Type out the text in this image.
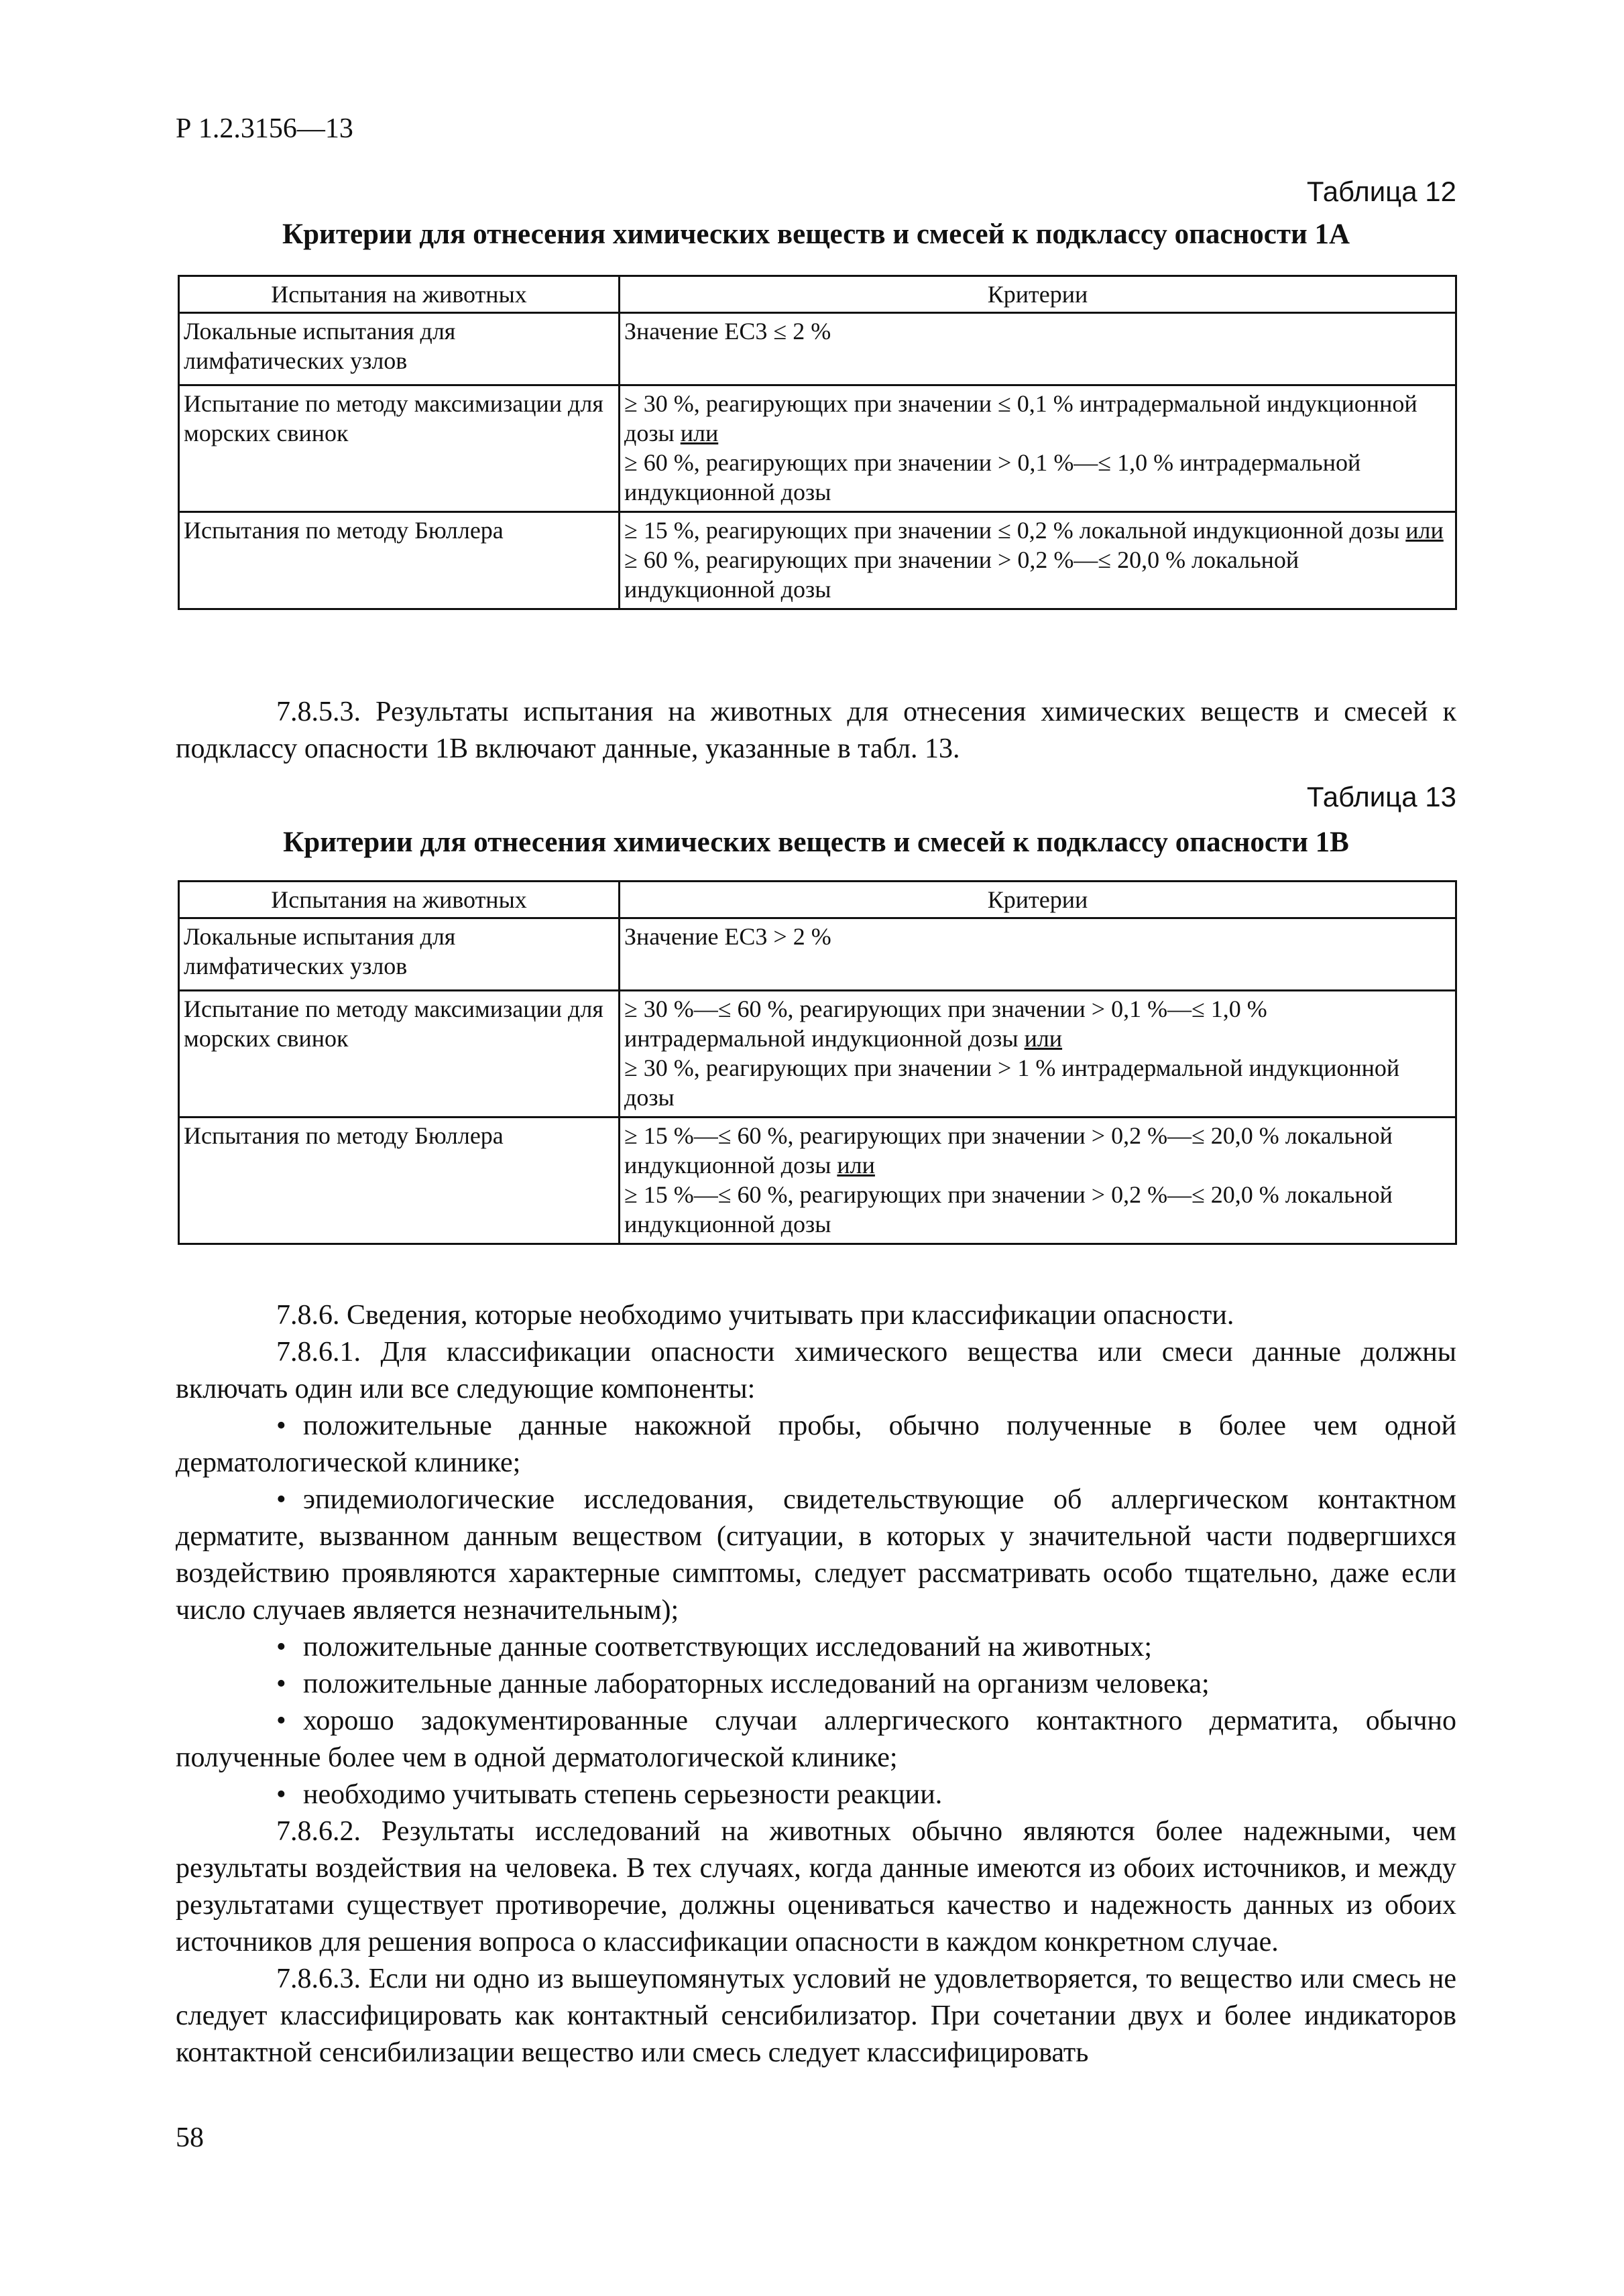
Р 1.2.3156—13
Таблица 12
Критерии для отнесения химических веществ и смесей к подклассу опасности 1А
Испытания на животных	Критерии
Локальные испытания для лимфатических узлов	Значение ЕС3 ≤ 2 %

Испытание по методу максимизации для морских свинок	≥ 30 %, реагирующих при значении ≤ 0,1 % интрадермальной индукционной дозы или
≥ 60 %, реагирующих при значении > 0,1 %—≤ 1,0 % интрадермальной индукционной дозы

Испытания по методу Бюллера	≥ 15 %, реагирующих при значении ≤ 0,2 % локальной индукционной дозы или
≥ 60 %, реагирующих при значении > 0,2 %—≤ 20,0 % локальной индукционной дозы

7.8.5.3. Результаты испытания на животных для отнесения химических веществ и смесей к подклассу опасности 1В включают данные, указанные в табл. 13.

Таблица 13
Критерии для отнесения химических веществ и смесей к подклассу опасности 1В
Испытания на животных	Критерии
Локальные испытания для лимфатических узлов	Значение ЕС3 > 2 %

Испытание по методу максимизации для морских свинок	≥ 30 %—≤ 60 %, реагирующих при значении > 0,1 %—≤ 1,0 % интрадермальной индукционной дозы или
≥ 30 %, реагирующих при значении > 1 % интрадермальной индукционной дозы

Испытания по методу Бюллера	≥ 15 %—≤ 60 %, реагирующих при значении > 0,2 %—≤ 20,0 % локальной индукционной дозы или
≥ 15 %—≤ 60 %, реагирующих при значении > 0,2 %—≤ 20,0 % локальной индукционной дозы

7.8.6. Сведения, которые необходимо учитывать при классификации опасности.

7.8.6.1. Для классификации опасности химического вещества или смеси данные должны включать один или все следующие компоненты:

• положительные данные накожной пробы, обычно полученные в более чем одной дерматологической клинике;

• эпидемиологические исследования, свидетельствующие об аллергическом контактном дерматите, вызванном данным веществом (ситуации, в которых у значительной части подвергшихся воздействию проявляются характерные симптомы, следует рассматривать особо тщательно, даже если число случаев является незначительным);

• положительные данные соответствующих исследований на животных;

• положительные данные лабораторных исследований на организм человека;

• хорошо задокументированные случаи аллергического контактного дерматита, обычно полученные более чем в одной дерматологической клинике;

• необходимо учитывать степень серьезности реакции.

7.8.6.2. Результаты исследований на животных обычно являются более надежными, чем результаты воздействия на человека. В тех случаях, когда данные имеются из обоих источников, и между результатами существует противоречие, должны оцениваться качество и надежность данных из обоих источников для решения вопроса о классификации опасности в каждом конкретном случае.

7.8.6.3. Если ни одно из вышеупомянутых условий не удовлетворяется, то вещество или смесь не следует классифицировать как контактный сенсибилизатор. При сочетании двух и более индикаторов контактной сенсибилизации вещество или смесь следует классифицировать

58
